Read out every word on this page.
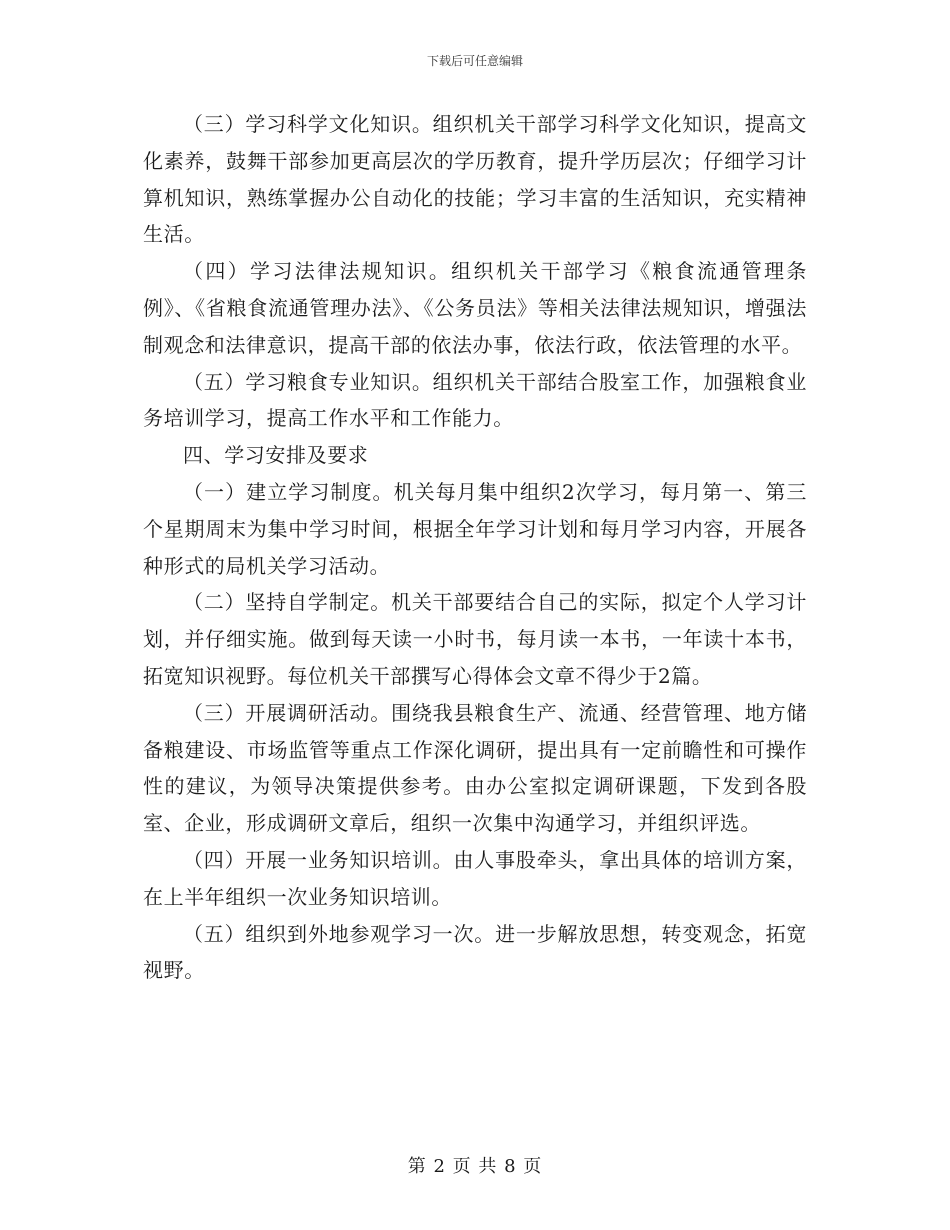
下载后可任意编辑

（三）学习科学文化知识。组织机关干部学习科学文化知识，提高文化素养，鼓舞干部参加更高层次的学历教育，提升学历层次；仔细学习计算机知识，熟练掌握办公自动化的技能；学习丰富的生活知识，充实精神生活。

（四）学习法律法规知识。组织机关干部学习《粮食流通管理条例》、《省粮食流通管理办法》、《公务员法》等相关法律法规知识，增强法制观念和法律意识，提高干部的依法办事，依法行政，依法管理的水平。

（五）学习粮食专业知识。组织机关干部结合股室工作，加强粮食业务培训学习，提高工作水平和工作能力。

四、学习安排及要求

（一）建立学习制度。机关每月集中组织2次学习，每月第一、第三个星期周末为集中学习时间，根据全年学习计划和每月学习内容，开展各种形式的局机关学习活动。

（二）坚持自学制定。机关干部要结合自己的实际，拟定个人学习计划，并仔细实施。做到每天读一小时书，每月读一本书，一年读十本书，拓宽知识视野。每位机关干部撰写心得体会文章不得少于2篇。

（三）开展调研活动。围绕我县粮食生产、流通、经营管理、地方储备粮建设、市场监管等重点工作深化调研，提出具有一定前瞻性和可操作性的建议，为领导决策提供参考。由办公室拟定调研课题，下发到各股室、企业，形成调研文章后，组织一次集中沟通学习，并组织评选。

（四）开展一业务知识培训。由人事股牵头，拿出具体的培训方案，在上半年组织一次业务知识培训。

（五）组织到外地参观学习一次。进一步解放思想，转变观念，拓宽视野。

第 2 页 共 8 页
